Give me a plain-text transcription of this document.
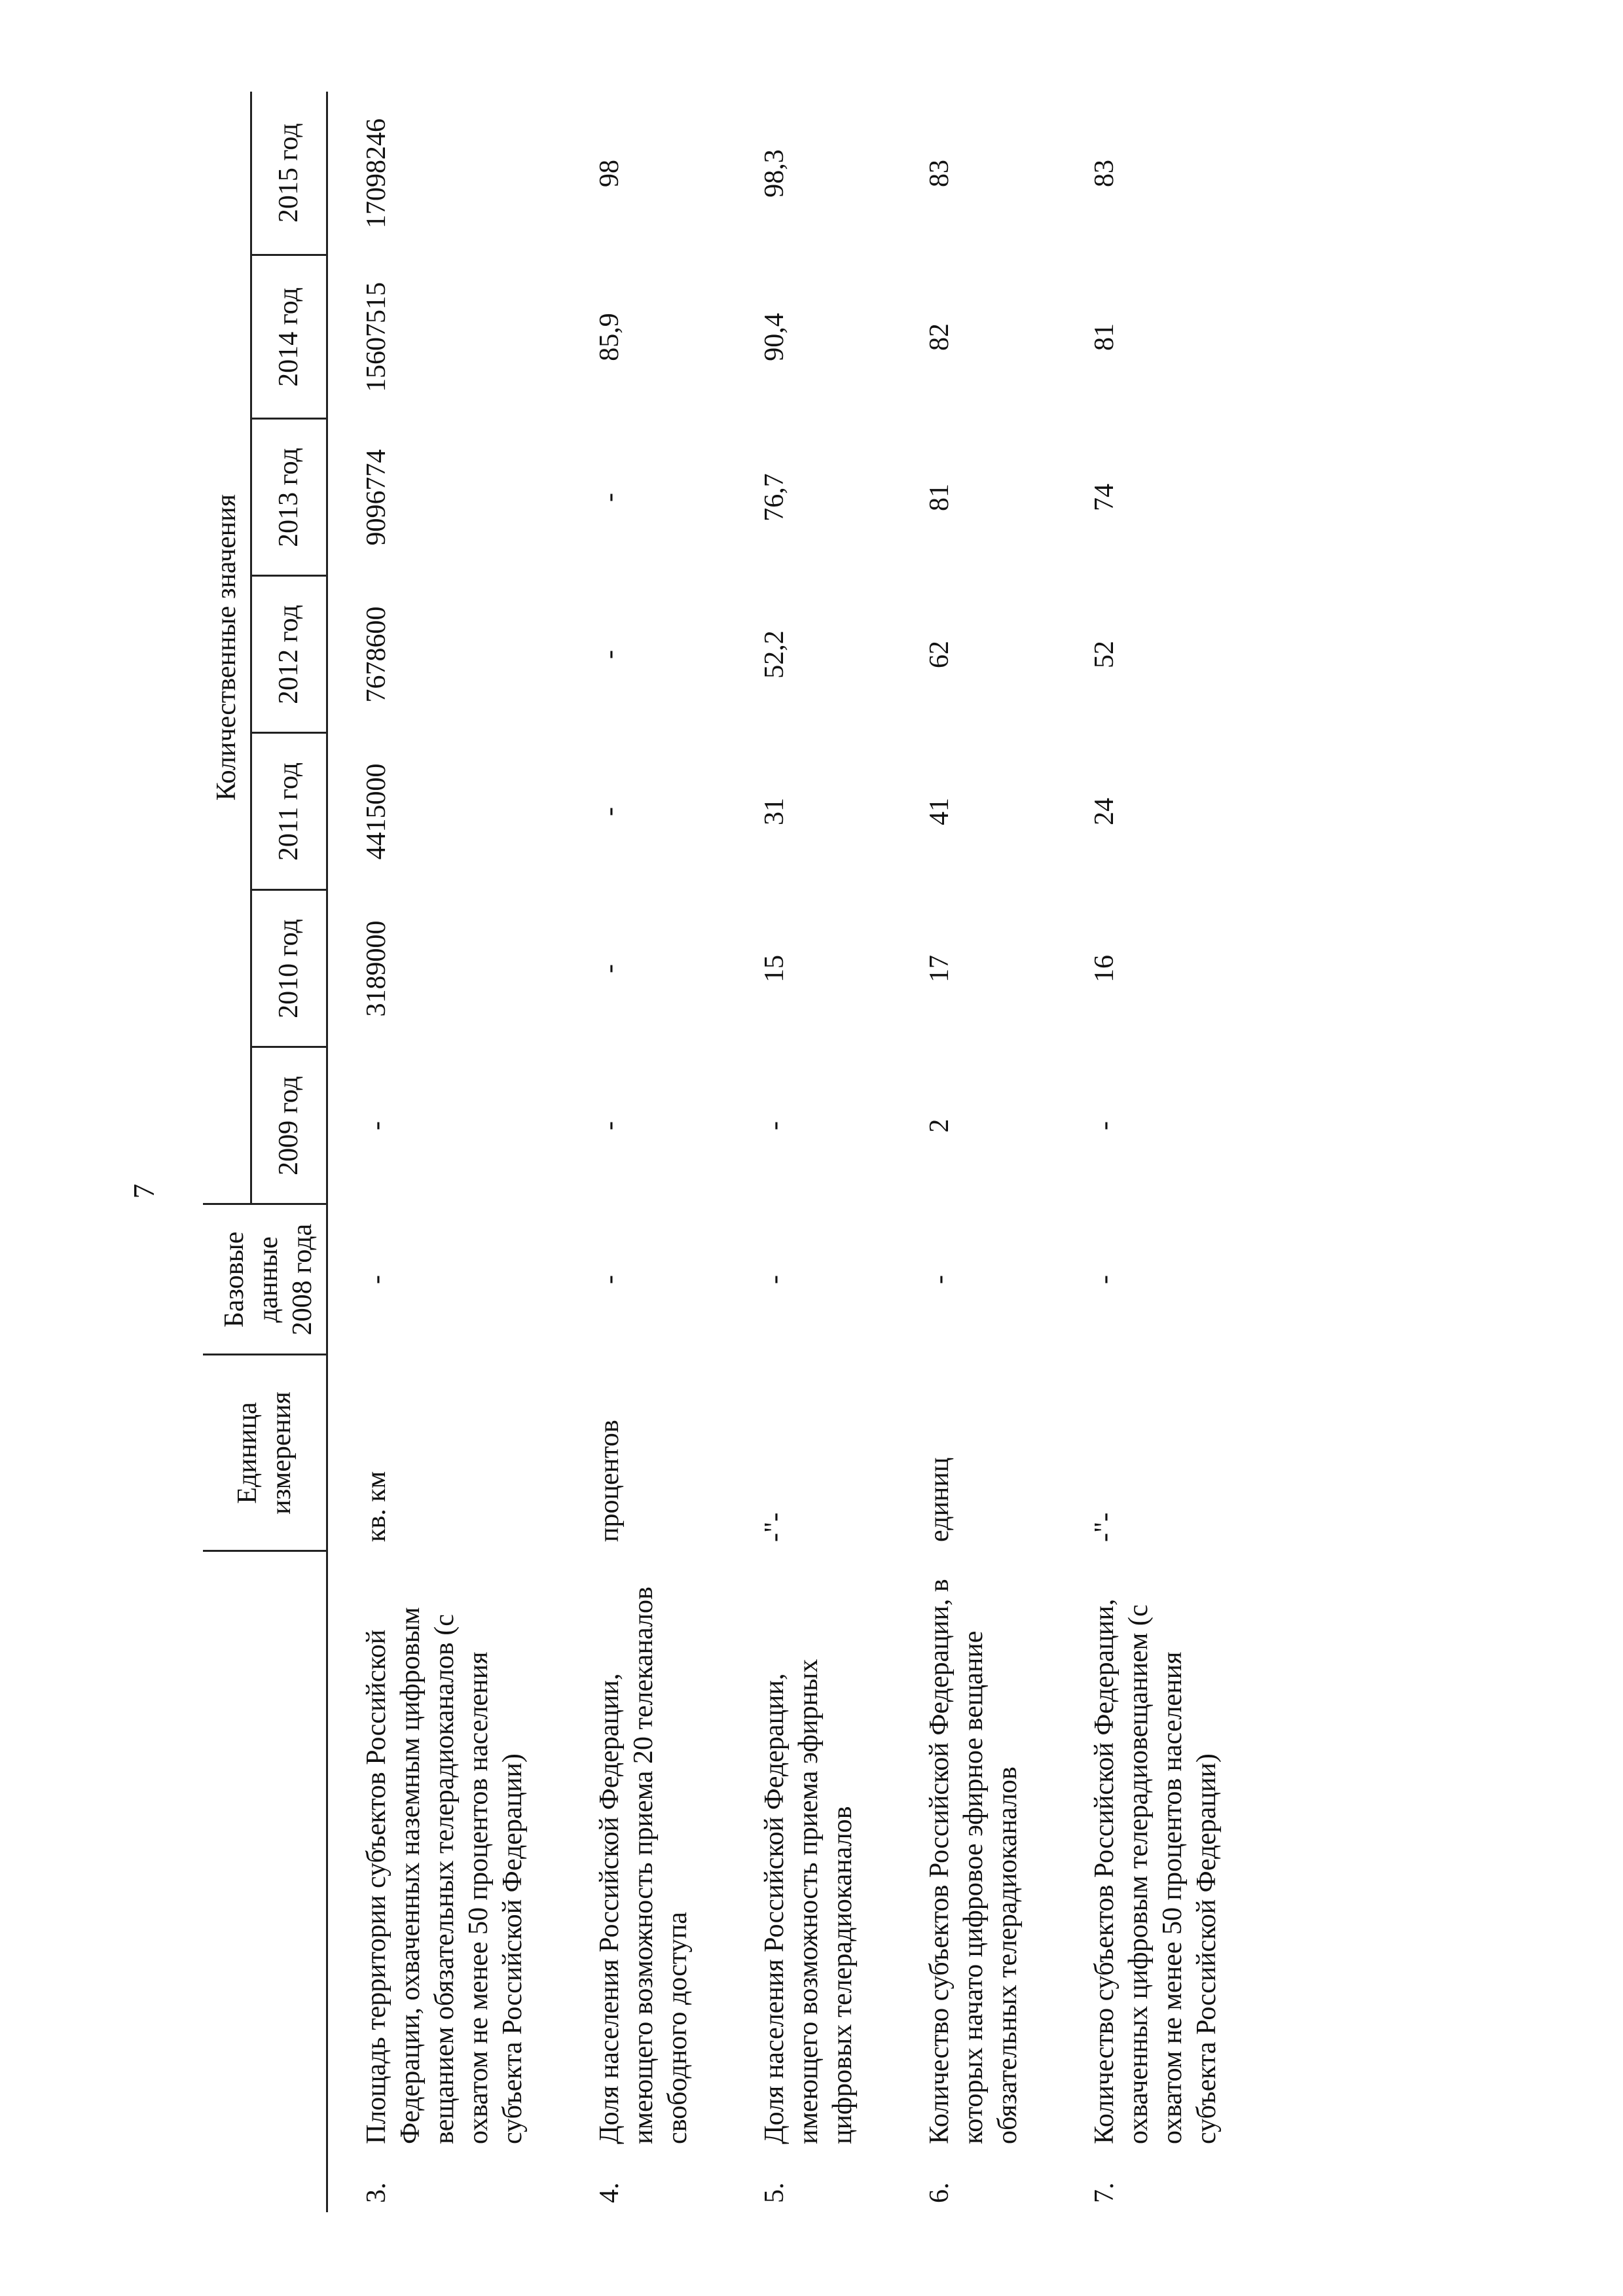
7
		Единица измерения	Базовые	Количественные значения						
			данные 2008 года	2009 год	2010 год	2011 год	2012 год	2013 год	2014 год	2015 год
3.	Площадь территории субъектов Российской Федерации, охваченных наземным цифровым вещанием обязательных телерадиоканалов (с охватом не менее 50 процентов населения субъекта Российской Федерации)	кв. км	-	-	3189000	4415000	7678600	9096774	15607515	17098246
4.	Доля населения Российской Федерации, имеющего возможность приема 20 телеканалов свободного доступа	процентов	-	-	-	-	-	-	85,9	98
5.	Доля населения Российской Федерации, имеющего возможность приема эфирных цифровых телерадиоканалов	-"-	-	-	15	31	52,2	76,7	90,4	98,3
6.	Количество субъектов Российской Федерации, в которых начато цифровое эфирное вещание обязательных телерадиоканалов	единиц	-	2	17	41	62	81	82	83
7.	Количество субъектов Российской Федерации, охваченных цифровым телерадиовещанием (с охватом не менее 50 процентов населения субъекта Российской Федерации)	-"-	-	-	16	24	52	74	81	83
